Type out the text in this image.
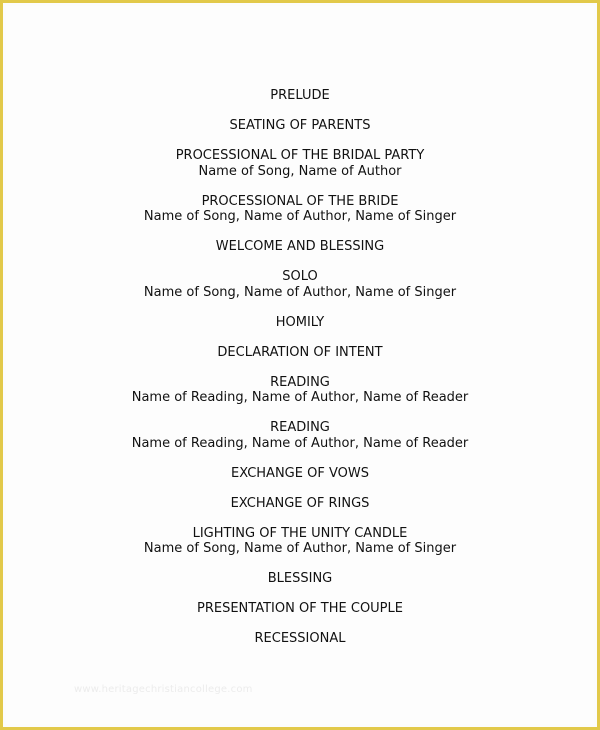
PRELUDE
SEATING OF PARENTS
PROCESSIONAL OF THE BRIDAL PARTY
Name of Song, Name of Author
PROCESSIONAL OF THE BRIDE
Name of Song, Name of Author, Name of Singer
WELCOME AND BLESSING
SOLO
Name of Song, Name of Author, Name of Singer
HOMILY
DECLARATION OF INTENT
READING
Name of Reading, Name of Author, Name of Reader
READING
Name of Reading, Name of Author, Name of Reader
EXCHANGE OF VOWS
EXCHANGE OF RINGS
LIGHTING OF THE UNITY CANDLE
Name of Song, Name of Author, Name of Singer
BLESSING
PRESENTATION OF THE COUPLE
RECESSIONAL
www.heritagechristiancollege.com
